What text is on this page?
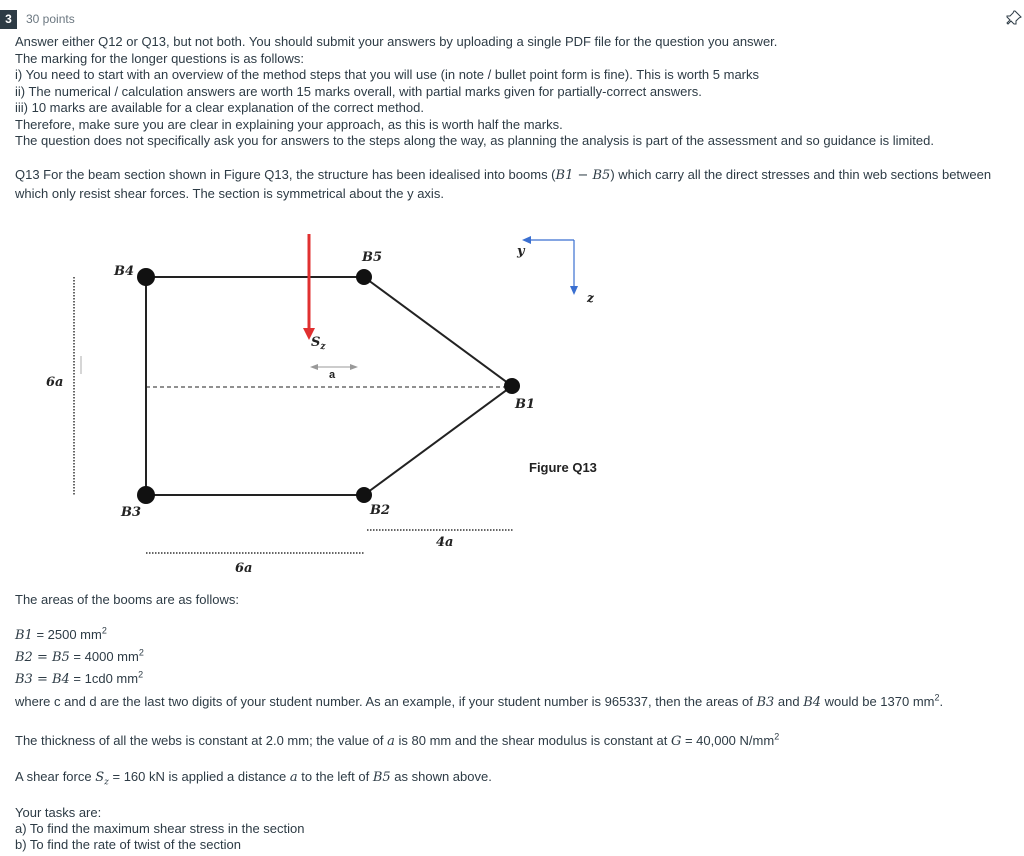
3	30 points
Answer either Q12 or Q13, but not both. You should submit your answers by uploading a single PDF file for the question you answer.
The marking for the longer questions is as follows:
i) You need to start with an overview of the method steps that you will use (in note / bullet point form is fine). This is worth 5 marks
ii) The numerical / calculation answers are worth 15 marks overall, with partial marks given for partially-correct answers.
iii) 10 marks are available for a clear explanation of the correct method.
Therefore, make sure you are clear in explaining your approach, as this is worth half the marks.
The question does not specifically ask you for answers to the steps along the way, as planning the analysis is part of the assessment and so guidance is limited.
Q13 For the beam section shown in Figure Q13, the structure has been idealised into booms (B1 − B5) which carry all the direct stresses and thin web sections between
which only resist shear forces. The section is symmetrical about the y axis.
B1
B2
B3
B4
B5
$S_z$
a
y
z
6a
6a
4a
Figure Q13
The areas of the booms are as follows:
B1 = 2500 $mm^2$
B2 = B5 = 4000 $mm^2$
B3 = B4 = 1cd0 $mm^2$
where c and d are the last two digits of your student number. As an example, if your student number is 965337, then the areas of B3 and B4 would be 1370 $mm^2$.
The thickness of all the webs is constant at 2.0 mm; the value of a is 80 mm and the shear modulus is constant at G = 40,000 $N/mm^2$
A shear force $S_z = 160$ kN is applied a distance a to the left of B5 as shown above.
Your tasks are:
a) To find the maximum shear stress in the section
b) To find the rate of twist of the section
